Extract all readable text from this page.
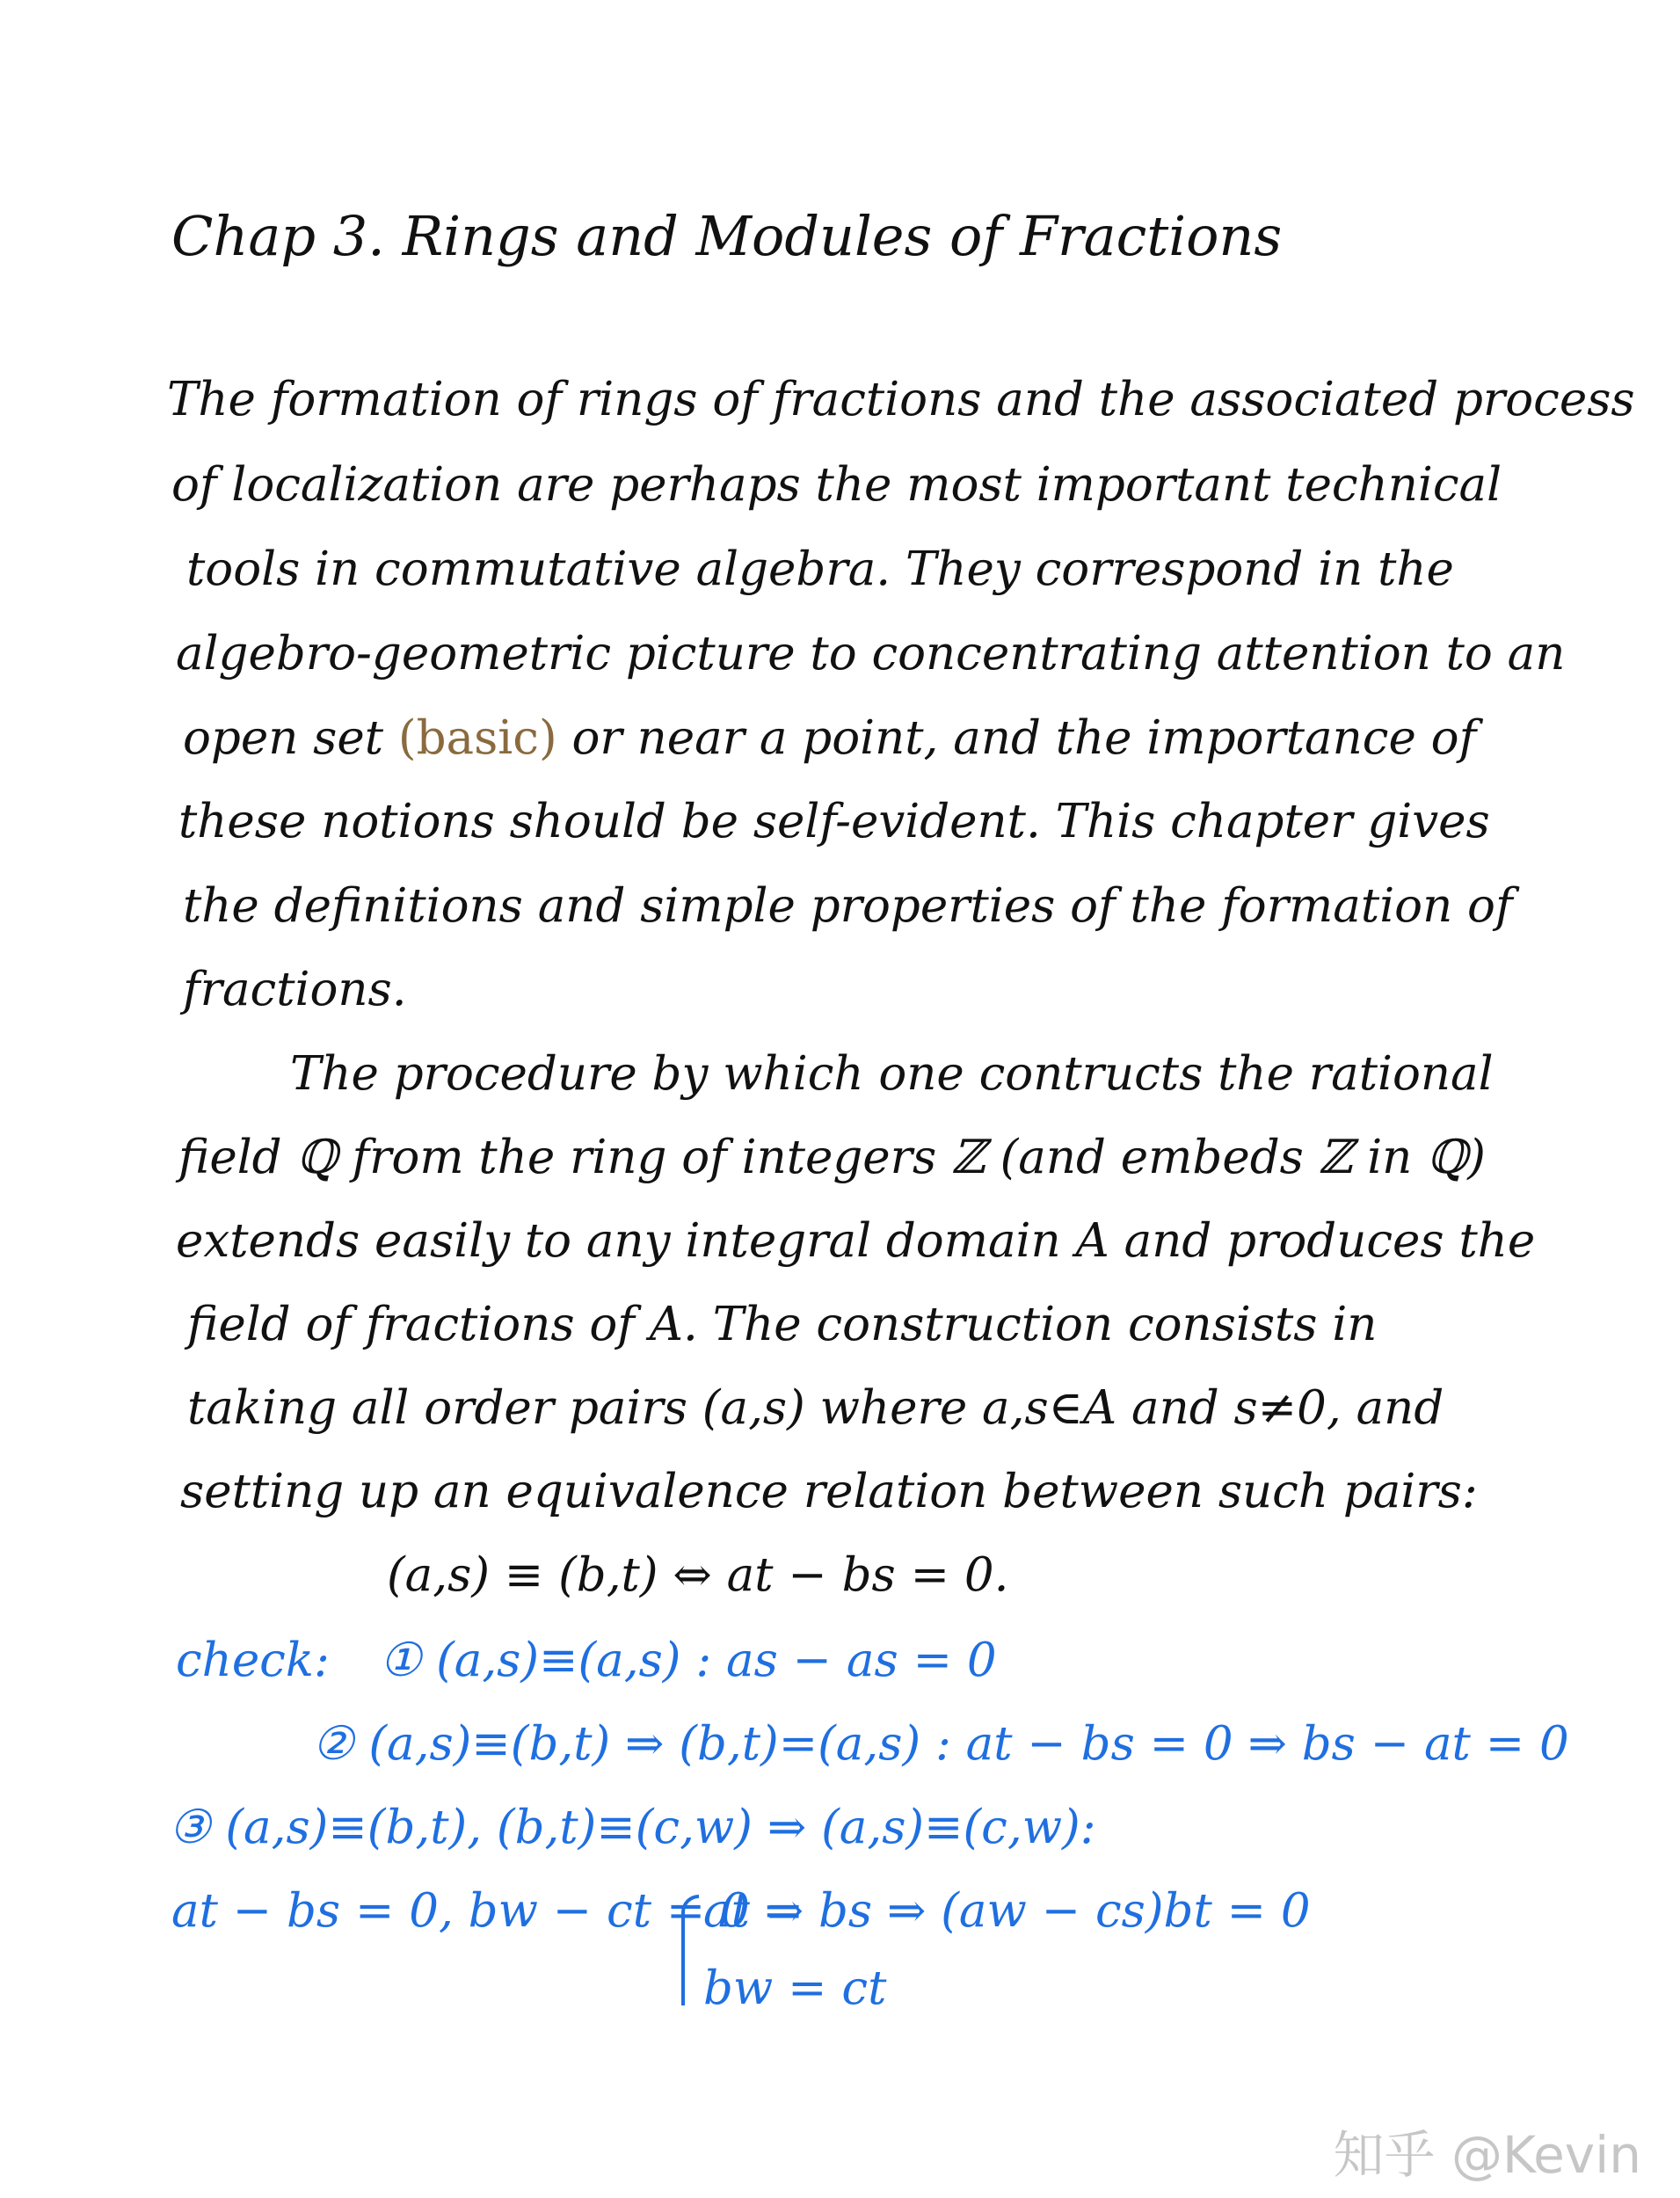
Chap 3. Rings and Modules of Fractions
The formation of rings of fractions and the associated process
of localization are perhaps the most important technical
tools in commutative algebra. They correspond in the
algebro-geometric picture to concentrating attention to an
open set (basic) or near a point, and the importance of
these notions should be self-evident. This chapter gives
the definitions and simple properties of the formation of
fractions.
The procedure by which one contructs the rational
field ℚ from the ring of integers ℤ (and embeds ℤ in ℚ)
extends easily to any integral domain A and produces the
field of fractions of A. The construction consists in
taking all order pairs (a,s) where a,s∈A and s≠0, and
setting up an equivalence relation between such pairs:
(a,s) ≡ (b,t) ⇔ at − bs = 0.
check: ① (a,s)≡(a,s) : as − as = 0
② (a,s)≡(b,t) ⇒ (b,t)=(a,s) : at − bs = 0 ⇒ bs − at = 0
③ (a,s)≡(b,t), (b,t)≡(c,w) ⇒ (a,s)≡(c,w):
at − bs = 0, bw − ct = 0 ⇒
at = bs ⇒ (aw − cs)bt = 0
bw = ct
知乎 @Kevin
